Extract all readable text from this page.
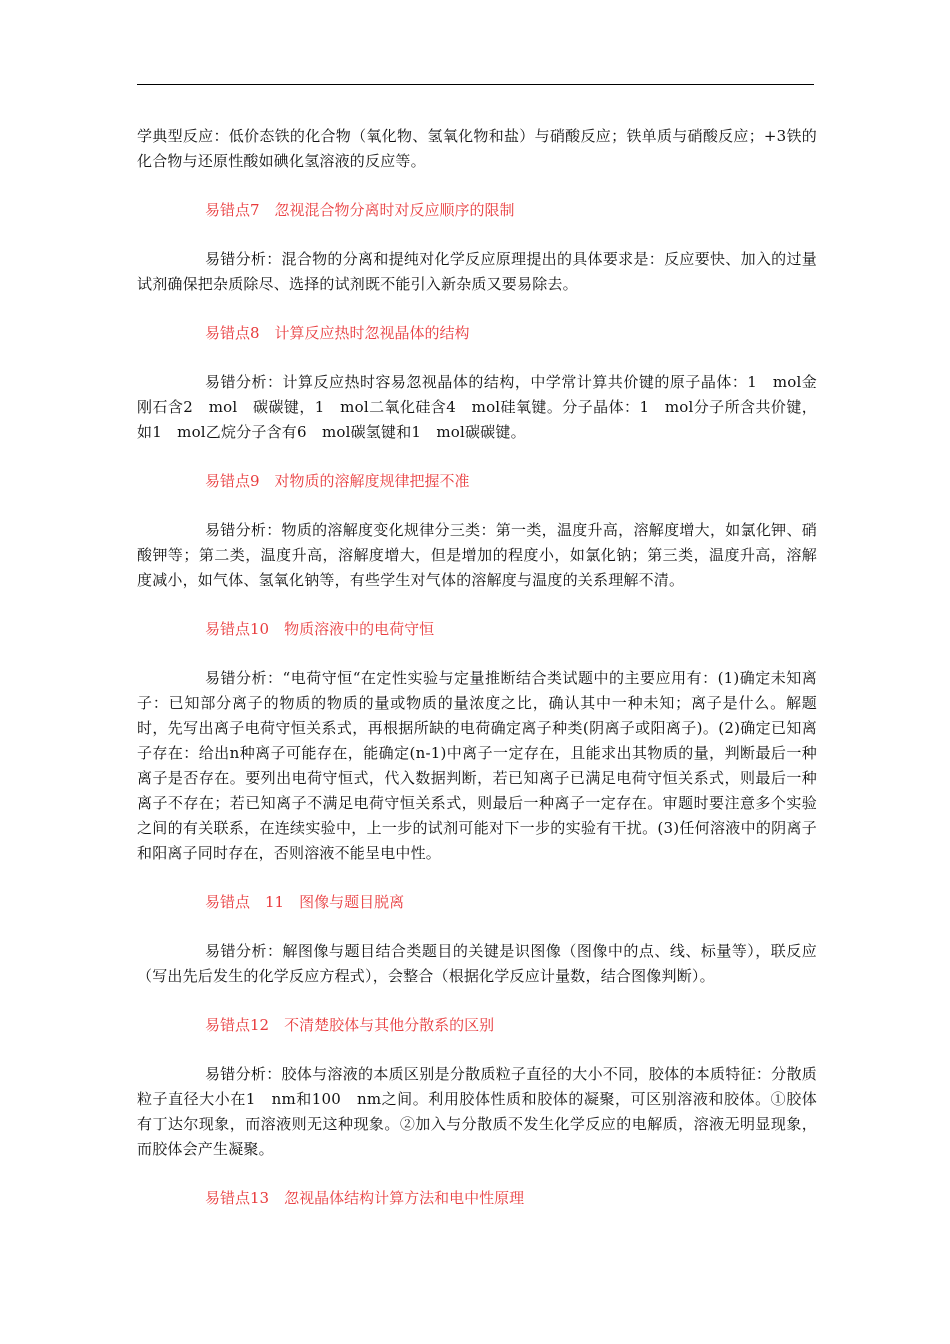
学典型反应：低价态铁的化合物（氧化物、氢氧化物和盐）与硝酸反应；铁单质与硝酸反应；+3铁的化合物与还原性酸如碘化氢溶液的反应等。

易错点7　忽视混合物分离时对反应顺序的限制

易错分析：混合物的分离和提纯对化学反应原理提出的具体要求是：反应要快、加入的过量试剂确保把杂质除尽、选择的试剂既不能引入新杂质又要易除去。

易错点8　计算反应热时忽视晶体的结构

易错分析：计算反应热时容易忽视晶体的结构，中学常计算共价键的原子晶体：1　mol金刚石含2　mol　碳碳键，1　mol二氧化硅含4　mol硅氧键。分子晶体：1　mol分子所含共价键，如1　mol乙烷分子含有6　mol碳氢键和1　mol碳碳键。

易错点9　对物质的溶解度规律把握不准

易错分析：物质的溶解度变化规律分三类：第一类，温度升高，溶解度增大，如氯化钾、硝酸钾等；第二类，温度升高，溶解度增大，但是增加的程度小，如氯化钠；第三类，温度升高，溶解度减小，如气体、氢氧化钠等，有些学生对气体的溶解度与温度的关系理解不清。

易错点10　物质溶液中的电荷守恒

易错分析：“电荷守恒“在定性实验与定量推断结合类试题中的主要应用有：(1)确定未知离子：已知部分离子的物质的物质的量或物质的量浓度之比，确认其中一种未知；离子是什么。解题时，先写出离子电荷守恒关系式，再根据所缺的电荷确定离子种类(阴离子或阳离子)。(2)确定已知离子存在：给出n种离子可能存在，能确定(n-1)中离子一定存在，且能求出其物质的量，判断最后一种离子是否存在。要列出电荷守恒式，代入数据判断，若已知离子已满足电荷守恒关系式，则最后一种离子不存在；若已知离子不满足电荷守恒关系式，则最后一种离子一定存在。审题时要注意多个实验之间的有关联系，在连续实验中，上一步的试剂可能对下一步的实验有干扰。(3)任何溶液中的阴离子和阳离子同时存在，否则溶液不能呈电中性。

易错点　11　图像与题目脱离

易错分析：解图像与题目结合类题目的关键是识图像（图像中的点、线、标量等），联反应（写出先后发生的化学反应方程式），会整合（根据化学反应计量数，结合图像判断）。

易错点12　不清楚胶体与其他分散系的区别

易错分析：胶体与溶液的本质区别是分散质粒子直径的大小不同，胶体的本质特征：分散质粒子直径大小在1　nm和100　nm之间。利用胶体性质和胶体的凝聚，可区别溶液和胶体。①胶体有丁达尔现象，而溶液则无这种现象。②加入与分散质不发生化学反应的电解质，溶液无明显现象，而胶体会产生凝聚。

易错点13　忽视晶体结构计算方法和电中性原理
